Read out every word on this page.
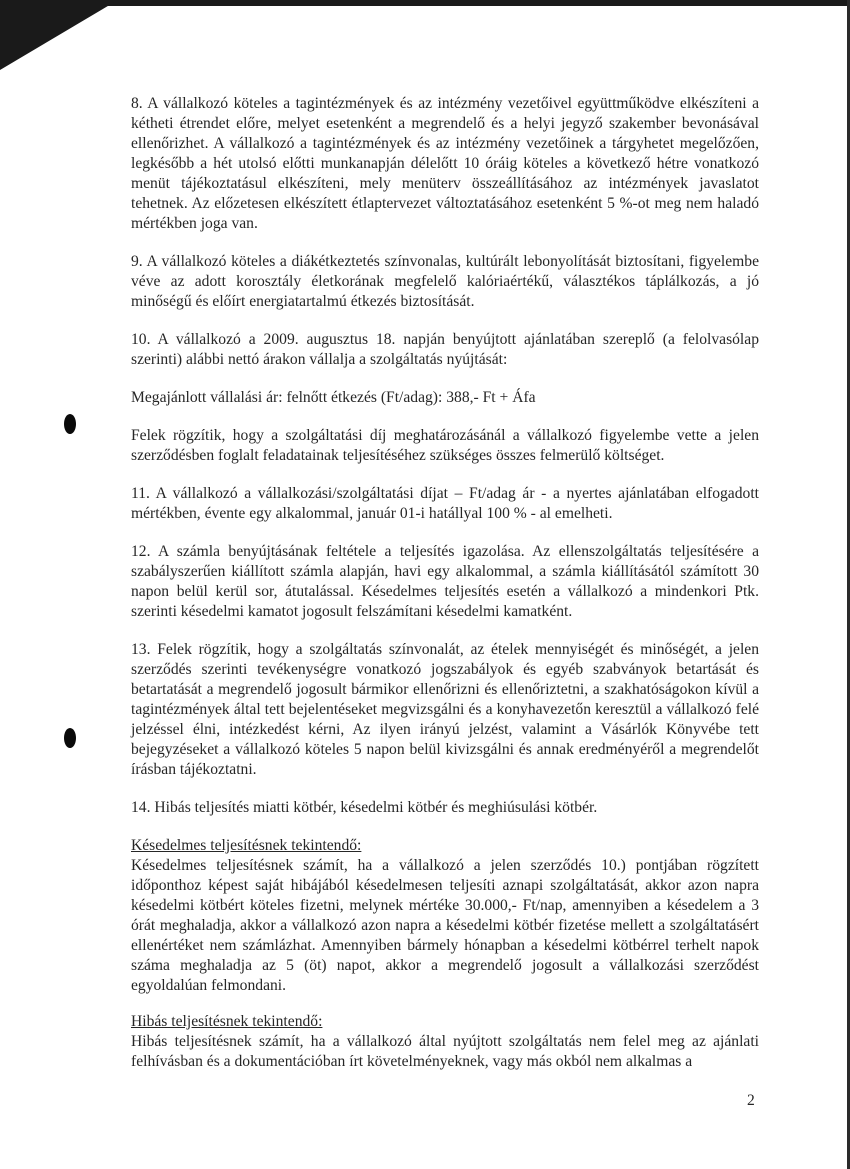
8. A vállalkozó köteles a tagintézmények és az intézmény vezetőivel együttműködve elkészíteni a kétheti étrendet előre, melyet esetenként a megrendelő és a helyi jegyző szakember bevonásával ellenőrizhet. A vállalkozó a tagintézmények és az intézmény vezetőinek a tárgyhetet megelőzően, legkésőbb a hét utolsó előtti munkanapján délelőtt 10 óráig köteles a következő hétre vonatkozó menüt tájékoztatásul elkészíteni, mely menüterv összeállításához az intézmények javaslatot tehetnek. Az előzetesen elkészített étlaptervezet változtatásához esetenként 5 %-ot meg nem haladó mértékben joga van.

9. A vállalkozó köteles a diákétkeztetés színvonalas, kultúrált lebonyolítását biztosítani, figyelembe véve az adott korosztály életkorának megfelelő kalóriaértékű, választékos táplálkozás, a jó minőségű és előírt energiatartalmú étkezés biztosítását.

10. A vállalkozó a 2009. augusztus 18. napján benyújtott ajánlatában szereplő (a felolvasólap szerinti) alábbi nettó árakon vállalja a szolgáltatás nyújtását:

Megajánlott vállalási ár: felnőtt étkezés (Ft/adag): 388,- Ft + Áfa

Felek rögzítik, hogy a szolgáltatási díj meghatározásánál a vállalkozó figyelembe vette a jelen szerződésben foglalt feladatainak teljesítéséhez szükséges összes felmerülő költséget.

11. A vállalkozó a vállalkozási/szolgáltatási díjat – Ft/adag ár - a nyertes ajánlatában elfogadott mértékben, évente egy alkalommal, január 01-i hatállyal 100 % - al emelheti.

12. A számla benyújtásának feltétele a teljesítés igazolása. Az ellenszolgáltatás teljesítésére a szabályszerűen kiállított számla alapján, havi egy alkalommal, a számla kiállításától számított 30 napon belül kerül sor, átutalással. Késedelmes teljesítés esetén a vállalkozó a mindenkori Ptk. szerinti késedelmi kamatot jogosult felszámítani késedelmi kamatként.

13. Felek rögzítik, hogy a szolgáltatás színvonalát, az ételek mennyiségét és minőségét, a jelen szerződés szerinti tevékenységre vonatkozó jogszabályok és egyéb szabványok betartását és betartatását a megrendelő jogosult bármikor ellenőrizni és ellenőriztetni, a szakhatóságokon kívül a tagintézmények által tett bejelentéseket megvizsgálni és a konyhavezetőn keresztül a vállalkozó felé jelzéssel élni, intézkedést kérni, Az ilyen irányú jelzést, valamint a Vásárlók Könyvébe tett bejegyzéseket a vállalkozó köteles 5 napon belül kivizsgálni és annak eredményéről a megrendelőt írásban tájékoztatni.

14. Hibás teljesítés miatti kötbér, késedelmi kötbér és meghiúsulási kötbér.

Késedelmes teljesítésnek tekintendő:
Késedelmes teljesítésnek számít, ha a vállalkozó a jelen szerződés 10.) pontjában rögzített időponthoz képest saját hibájából késedelmesen teljesíti aznapi szolgáltatását, akkor azon napra késedelmi kötbért köteles fizetni, melynek mértéke 30.000,- Ft/nap, amennyiben a késedelem a 3 órát meghaladja, akkor a vállalkozó azon napra a késedelmi kötbér fizetése mellett a szolgáltatásért ellenértéket nem számlázhat. Amennyiben bármely hónapban a késedelmi kötbérrel terhelt napok száma meghaladja az 5 (öt) napot, akkor a megrendelő jogosult a vállalkozási szerződést egyoldalúan felmondani.

Hibás teljesítésnek tekintendő:
Hibás teljesítésnek számít, ha a vállalkozó által nyújtott szolgáltatás nem felel meg az ajánlati felhívásban és a dokumentációban írt követelményeknek, vagy más okból nem alkalmas a

2
